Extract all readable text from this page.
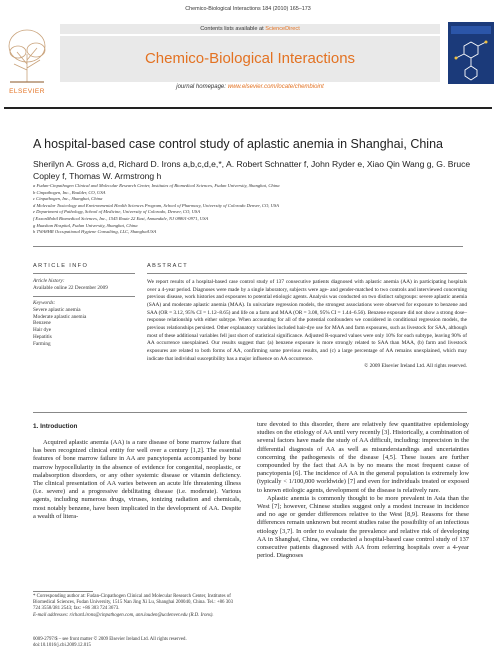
Chemico-Biological Interactions 184 (2010) 165–173
ELSEVIER
Contents lists available at ScienceDirect
Chemico-Biological Interactions
journal homepage: www.elsevier.com/locate/chembioint
A hospital-based case control study of aplastic anemia in Shanghai, China
Sherilyn A. Gross a,d, Richard D. Irons a,b,c,d,e,*, A. Robert Schnatter f, John Ryder e, Xiao Qin Wang g, G. Bruce Copley f, Thomas W. Armstrong h
a Fudan-Cinpathogen Clinical and Molecular Research Center, Institutes of Biomedical Sciences, Fudan University, Shanghai, China
b Cinpathogen, Inc., Boulder, CO, USA
c Cinpathogen, Inc., Shanghai, China
d Molecular Toxicology and Environmental Health Sciences Program, School of Pharmacy, University of Colorado Denver, CO, USA
e Department of Pathology, School of Medicine, University of Colorado, Denver, CO, USA
f ExxonMobil Biomedical Sciences, Inc., 1545 Route 22 East, Annandale, NJ 08801-0971, USA
g Huashan Hospital, Fudan University, Shanghai, China
h TWA8HR Occupational Hygiene Consulting, LLC, ShanghaiUSA
ARTICLE INFO
Article history:
Available online 22 December 2009
Keywords:
Severe aplastic anemia
Moderate aplastic anemia
Benzene
Hair dye
Hepatitis
Farming
ABSTRACT
We report results of a hospital-based case control study of 137 consecutive patients diagnosed with aplastic anemia (AA) in participating hospitals over a 4-year period. Diagnoses were made by a single laboratory, subjects were age- and gender-matched to two controls and interviewed concerning previous disease, work histories and exposures to potential etiologic agents. Analysis was conducted on two distinct subgroups: severe aplastic anemia (SAA) and moderate aplastic anemia (MAA). In univariate regression models, the strongest associations were observed for exposure to benzene and SAA (OR = 3.12, 95% CI = 1.12–8.65) and life on a farm and MAA (OR = 3.08, 95% CI = 1.44–6.56). Benzene exposure did not show a strong dose–response relationship with either subtype. When accounting for all of the potential confounders we considered in conditional regression models, the previous relationships persisted. Other explanatory variables included hair-dye use for MAA and farm exposures, such as livestock for SAA, although most of these additional variables fell just short of statistical significance. Adjusted R-squared values were only 10% for each subtype, leaving 90% of AA occurrence unexplained. Our results suggest that: (a) benzene exposure is more strongly related to SAA than MAA, (b) farm and livestock exposures are related to both forms of AA, confirming some previous results, and (c) a large percentage of AA remains unexplained, which may indicate that individual susceptibility has a major influence on AA occurrence.
© 2009 Elsevier Ireland Ltd. All rights reserved.
1. Introduction
Acquired aplastic anemia (AA) is a rare disease of bone marrow failure that has been recognized clinical entity for well over a century [1,2]. The essential features of bone marrow failure in AA are pancytopenia accompanied by bone marrow hypocellularity in the absence of evidence for congenital, neoplastic, or malabsorption disorders, or any other systemic disease or vitamin deficiency. The clinical presentation of AA varies between an acute life threatening illness (i.e. severe) and a progressive debilitating disease (i.e. moderate). Various agents, including numerous drugs, viruses, ionizing radiation and chemicals, most notably benzene, have been implicated in the development of AA. Despite a wealth of litera-
ture devoted to this disorder, there are relatively few quantitative epidemiology studies on the etiology of AA until very recently [3]. Historically, a combination of several factors have made the study of AA difficult, including: imprecision in the differential diagnosis of AA as well as misunderstandings and uncertainties concerning the pathogenesis of the disease [4,5]. These issues are further compounded by the fact that AA is by no means the most frequent cause of pancytopenia [6]. The incidence of AA in the general population is extremely low (typically < 1/100,000 worldwide) [7] and even for individuals treated or exposed to known etiologic agents, development of the disease is relatively rare.
Aplastic anemia is commonly thought to be more prevalent in Asia than the West [7]; however, Chinese studies suggest only a modest increase in incidence and no age or gender differences relative to the West [8,9]. Reasons for these differences remain unknown but recent studies raise the possibility of an infectious etiology [3,7]. In order to evaluate the prevalence and relative risk of developing AA in Shanghai, China, we conducted a hospital-based case control study of 137 consecutive patients diagnosed with AA from referring hospitals over a 4-year period. Diagnoses
* Corresponding author at: Fudan-Cinpathogen Clinical and Molecular Research Center, Institutes of Biomedical Sciences, Fudan University, 1515 Nan Jing Xi Lu, Shanghai 200040, China. Tel.: +86 303 724 3558/381 2543; fax: +86 303 724 3673.
E-mail addresses: richard.irons@cinpathogen.com, ann.louden@ucdenver.edu (R.D. Irons).
0009-2797/$ – see front matter © 2009 Elsevier Ireland Ltd. All rights reserved.
doi:10.1016/j.cbi.2009.12.015
